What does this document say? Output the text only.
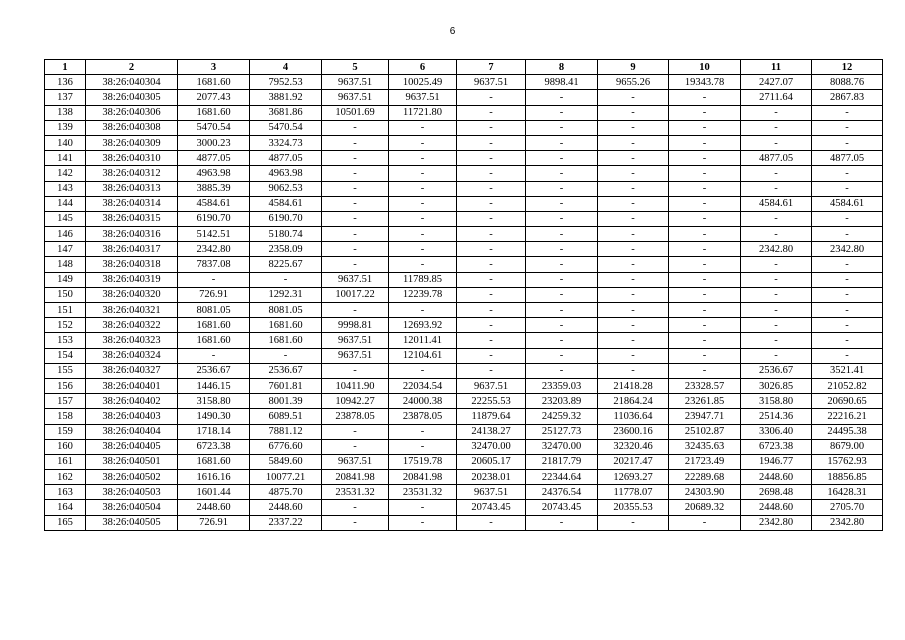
6
1	2	3	4	5	6	7	8	9	10	11	12
136	38:26:040304	1681.60	7952.53	9637.51	10025.49	9637.51	9898.41	9655.26	19343.78	2427.07	8088.76
137	38:26:040305	2077.43	3881.92	9637.51	9637.51	-	-	-	-	2711.64	2867.83
138	38:26:040306	1681.60	3681.86	10501.69	11721.80	-	-	-	-	-	-
139	38:26:040308	5470.54	5470.54	-	-	-	-	-	-	-	-
140	38:26:040309	3000.23	3324.73	-	-	-	-	-	-	-	-
141	38:26:040310	4877.05	4877.05	-	-	-	-	-	-	4877.05	4877.05
142	38:26:040312	4963.98	4963.98	-	-	-	-	-	-	-	-
143	38:26:040313	3885.39	9062.53	-	-	-	-	-	-	-	-
144	38:26:040314	4584.61	4584.61	-	-	-	-	-	-	4584.61	4584.61
145	38:26:040315	6190.70	6190.70	-	-	-	-	-	-	-	-
146	38:26:040316	5142.51	5180.74	-	-	-	-	-	-	-	-
147	38:26:040317	2342.80	2358.09	-	-	-	-	-	-	2342.80	2342.80
148	38:26:040318	7837.08	8225.67	-	-	-	-	-	-	-	-
149	38:26:040319	-	-	9637.51	11789.85	-	-	-	-	-	-
150	38:26:040320	726.91	1292.31	10017.22	12239.78	-	-	-	-	-	-
151	38:26:040321	8081.05	8081.05	-	-	-	-	-	-	-	-
152	38:26:040322	1681.60	1681.60	9998.81	12693.92	-	-	-	-	-	-
153	38:26:040323	1681.60	1681.60	9637.51	12011.41	-	-	-	-	-	-
154	38:26:040324	-	-	9637.51	12104.61	-	-	-	-	-	-
155	38:26:040327	2536.67	2536.67	-	-	-	-	-	-	2536.67	3521.41
156	38:26:040401	1446.15	7601.81	10411.90	22034.54	9637.51	23359.03	21418.28	23328.57	3026.85	21052.82
157	38:26:040402	3158.80	8001.39	10942.27	24000.38	22255.53	23203.89	21864.24	23261.85	3158.80	20690.65
158	38:26:040403	1490.30	6089.51	23878.05	23878.05	11879.64	24259.32	11036.64	23947.71	2514.36	22216.21
159	38:26:040404	1718.14	7881.12	-	-	24138.27	25127.73	23600.16	25102.87	3306.40	24495.38
160	38:26:040405	6723.38	6776.60	-	-	32470.00	32470.00	32320.46	32435.63	6723.38	8679.00
161	38:26:040501	1681.60	5849.60	9637.51	17519.78	20605.17	21817.79	20217.47	21723.49	1946.77	15762.93
162	38:26:040502	1616.16	10077.21	20841.98	20841.98	20238.01	22344.64	12693.27	22289.68	2448.60	18856.85
163	38:26:040503	1601.44	4875.70	23531.32	23531.32	9637.51	24376.54	11778.07	24303.90	2698.48	16428.31
164	38:26:040504	2448.60	2448.60	-	-	20743.45	20743.45	20355.53	20689.32	2448.60	2705.70
165	38:26:040505	726.91	2337.22	-	-	-	-	-	-	2342.80	2342.80
